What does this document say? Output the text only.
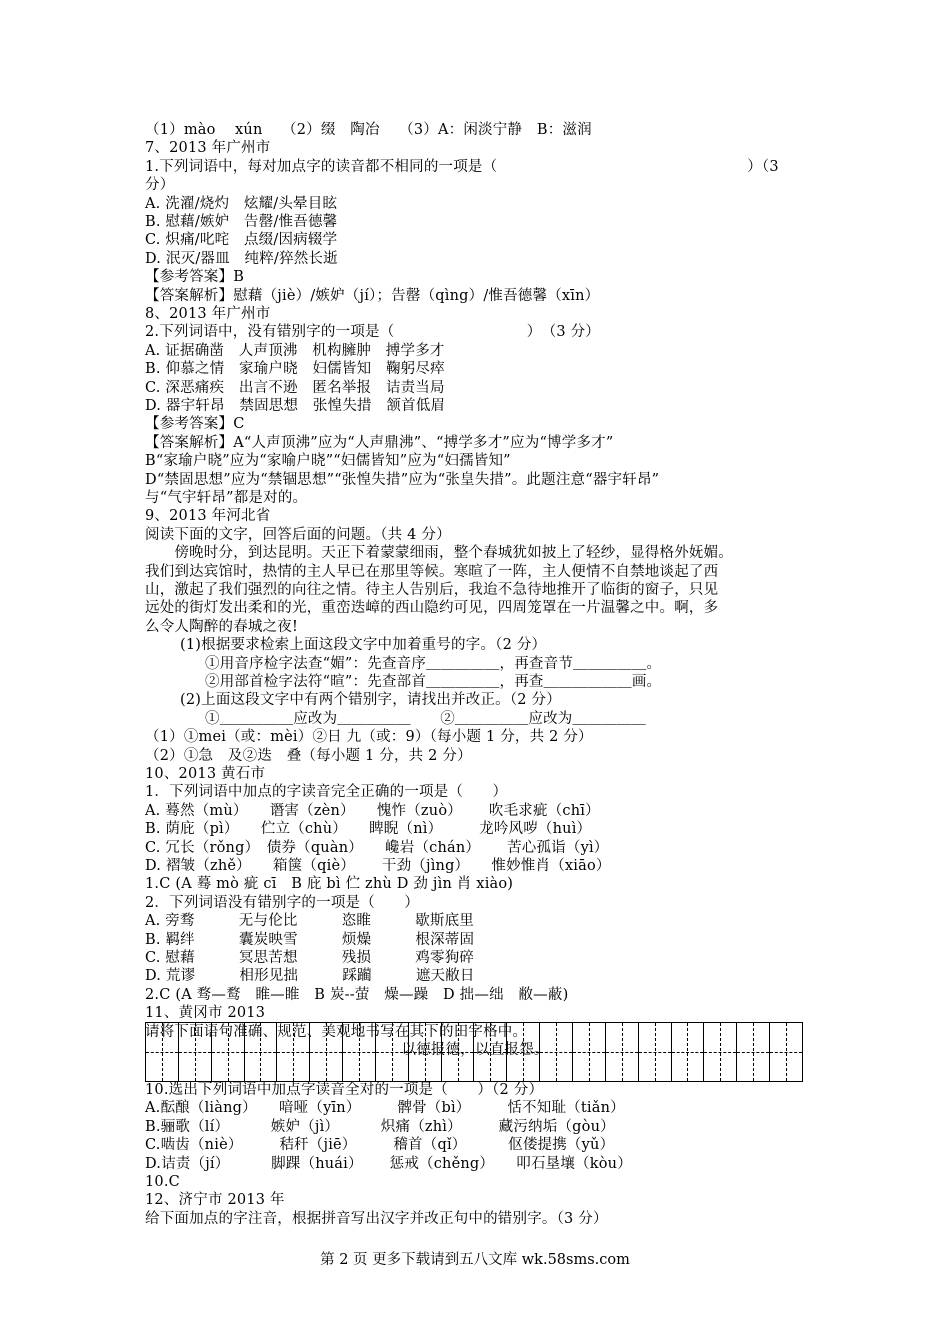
（1）mào　 xún　 （2）缀　陶冶　 （3）A：闲淡宁静　B：滋润
7、2013 年广州市
1.下列词语中，每对加点字的读音都不相同的一项是（　　　　　　　　　　　　　　　　　）（3
分）
A. 洗濯/烧灼　炫耀/头晕目眩
B. 慰藉/嫉妒　告罄/惟吾德馨
C. 炽痛/叱咤　点缀/因病辍学
D. 泯灭/器皿　纯粹/猝然长逝
【参考答案】B
【答案解析】慰藉（jiè）/嫉妒（jí）；告罄（qìng）/惟吾德馨（xīn）
8、2013 年广州市
2.下列词语中，没有错别字的一项是（　　　　　　　　　）　（3 分）
A. 证据确凿　人声顶沸　机构臃肿　搏学多才
B. 仰慕之情　家瑜户晓　妇儒皆知　鞠躬尽瘁
C. 深恶痛疾　出言不逊　匿名举报　诘责当局
D. 器宇轩昂　禁固思想　张惶失措　颔首低眉
【参考答案】C
【答案解析】A“人声顶沸”应为“人声鼎沸”、“搏学多才”应为“博学多才”
B“家瑜户晓”应为“家喻户晓”“妇儒皆知”应为“妇孺皆知”
D“禁固思想”应为“禁锢思想”“张惶失措”应为“张皇失措”。此题注意“器宇轩昂”
与“气宇轩昂”都是对的。
9、2013 年河北省
阅读下面的文字，回答后面的问题。（共 4 分）
　　傍晚时分，到达昆明。天正下着蒙蒙细雨，整个春城犹如披上了轻纱，显得格外妩媚。
我们到达宾馆时，热情的主人早已在那里等候。寒暄了一阵，主人便情不自禁地谈起了西
山，激起了我们强烈的向往之情。待主人告别后，我迨不急待地推开了临街的窗子，只见
远处的街灯发出柔和的光，重峦迭嶂的西山隐约可见，四周笼罩在一片温馨之中。啊，多
么令人陶醉的春城之夜!
(1)根据要求检索上面这段文字中加着重号的字。（2 分）
①用音序检字法查“媚”：先查音序＿＿＿＿＿，再查音节＿＿＿＿＿。
②用部首检字法符“暄”：先查部首＿＿＿＿＿，再查＿＿＿＿＿＿画。
(2)上面这段文字中有两个错别字，请找出并改正。（2 分）
①＿＿＿＿＿应改为＿＿＿＿＿　　②＿＿＿＿＿应改为＿＿＿＿＿
（1）①mei（或：mèi）②日 九（或：9）（每小题 1 分，共 2 分）
（2）①急　及②迭　叠（每小题 1 分，共 2 分）
10、2013 黄石市
1．下列词语中加点的字读音完全正确的一项是（　　）
A. 蓦然（mù）　　谮害（zèn）　　愧怍（zuò）　　 吹毛求疵（chī）
B. 荫庇（pì）　　伫立（chù）　　睥睨（nì）　　　龙吟风哕（huì）
C. 冗长（rǒng）　债券（quàn）　　巉岩（chán）　　 苦心孤诣（yì）
D. 褶皱（zhě）　　箱箧（qiè）　　 干劲（jìng）　　惟妙惟肖（xiāo）
1.C (A 蓦 mò 疵 cī　B 庇 bì 伫 zhù D 劲 jìn 肖 xiào)
2．下列词语没有错别字的一项是（　　）
A. 旁骛　　　无与伦比　　　恣睢　　　歇斯底里
B. 羁绊　　　囊炭映雪　　　烦燥　　　根深蒂固
C. 慰藉　　　冥思苦想　　　残损　　　鸡零狗碎
D. 荒谬　　　相形见拙　　　踩躏　　　遮天敝日
2.C (A 骛—鹜　睢—睢　B 炭--萤　燥—躁　D 拙—绌　敝—蔽)
11、黄冈市 2013
请将下面语句准确、规范、美观地书写在其下的田字格中。
以德报德，以直报怨。
10.选出下列词语中加点字读音全对的一项是（　　）（2 分）
A.酝酿（liàng）　　喑哑（yīn）　　　髀骨（bì）　　　恬不知耻（tiǎn）
B.骊歌（lí）　　　 嫉妒（jì）　　　 炽痛（zhì）　　　藏污纳垢（gòu）
C.啮齿（niè）　　　秸秆（jiē）　　　稽首（qǐ）　　　 伛偻提携（yǔ）
D.诘责（jí）　　　 脚踝（huái）　　 惩戒（chěng）　　叩石垦壤（kòu）
10.C
12、济宁市 2013 年
给下面加点的字注音，根据拼音写出汉字并改正句中的错别字。（3 分）
第 2 页 更多下载请到五八文库 wk.58sms.com
